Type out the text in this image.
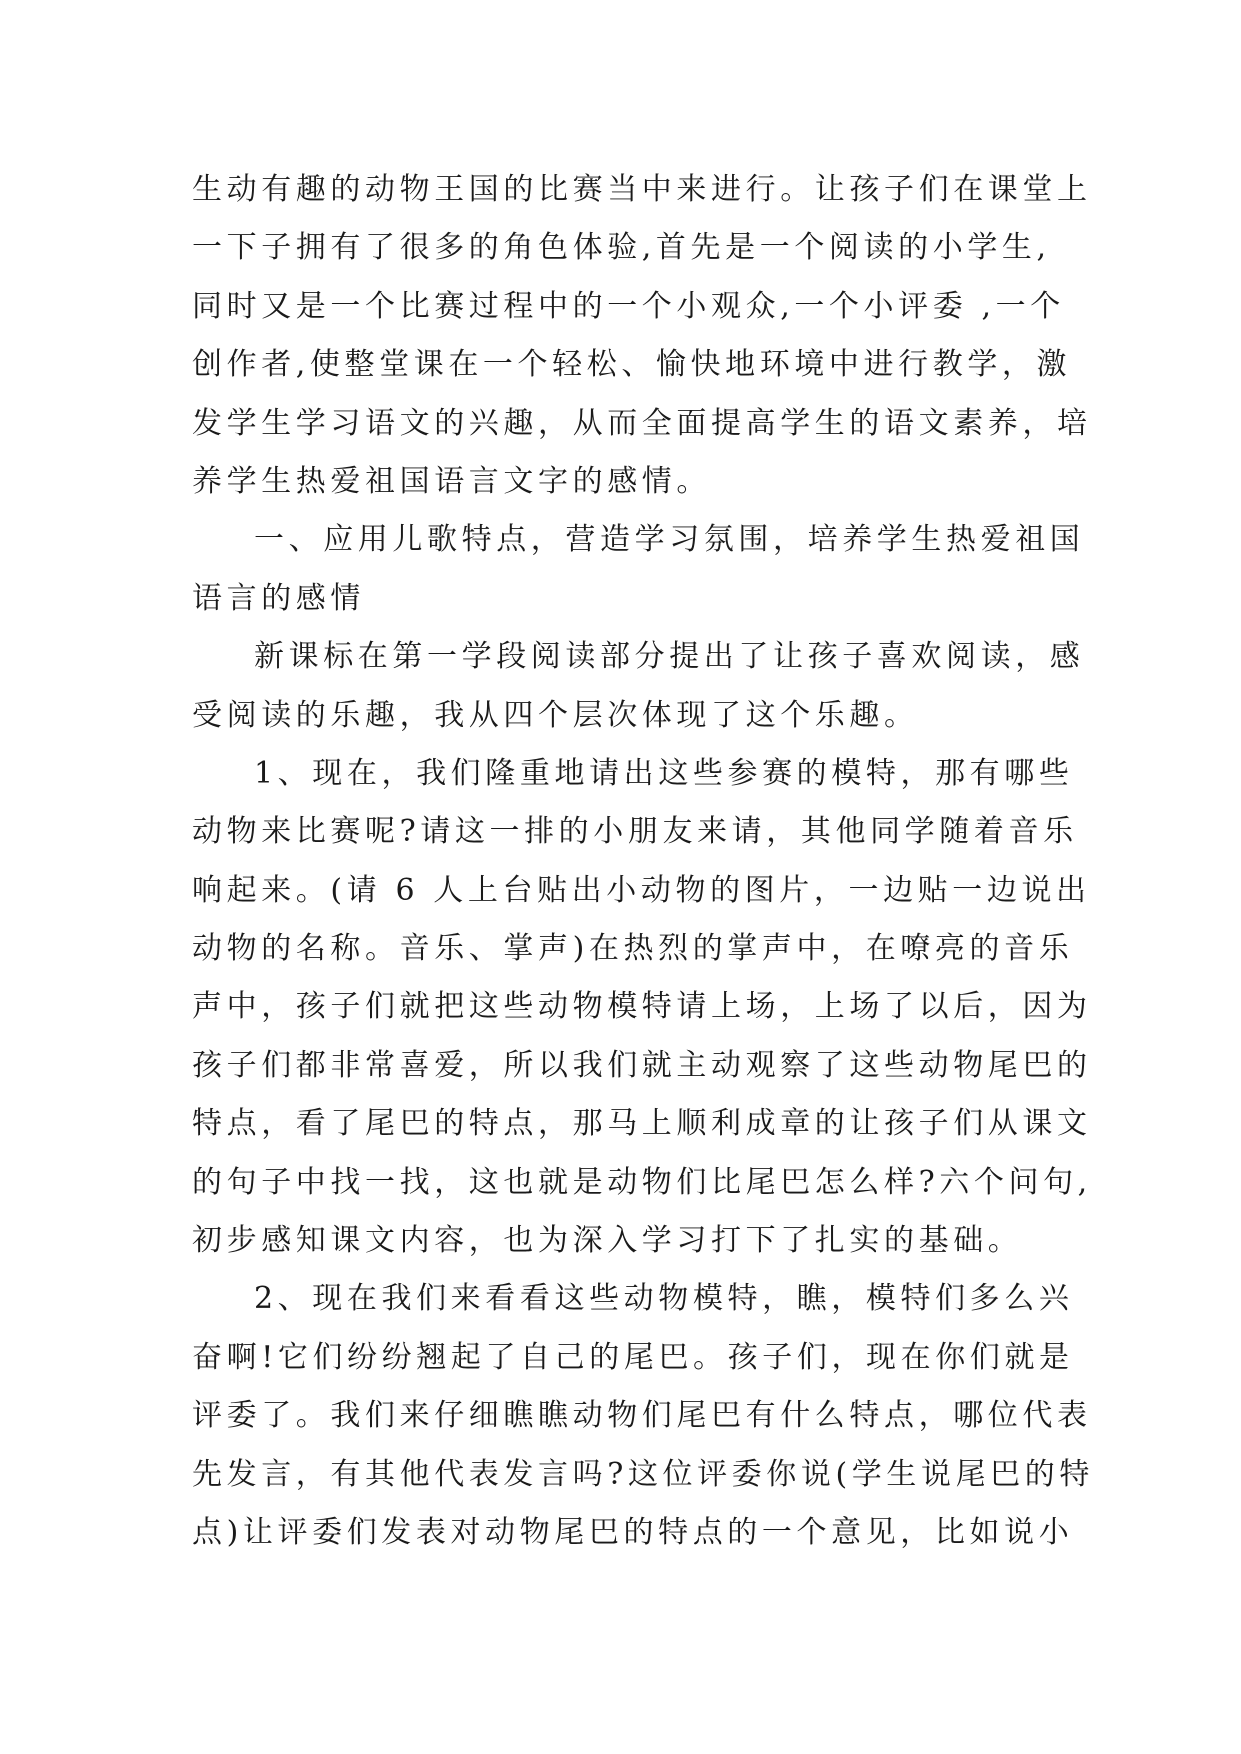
生动有趣的动物王国的比赛当中来进行。让孩子们在课堂上
一下子拥有了很多的角色体验,首先是一个阅读的小学生,
同时又是一个比赛过程中的一个小观众,一个小评委 ,一个
创作者,使整堂课在一个轻松、愉快地环境中进行教学，激
发学生学习语文的兴趣，从而全面提高学生的语文素养，培
养学生热爱祖国语言文字的感情。
一、应用儿歌特点，营造学习氛围，培养学生热爱祖国
语言的感情
新课标在第一学段阅读部分提出了让孩子喜欢阅读，感
受阅读的乐趣，我从四个层次体现了这个乐趣。
1、现在，我们隆重地请出这些参赛的模特，那有哪些
动物来比赛呢?请这一排的小朋友来请，其他同学随着音乐
响起来。(请 6 人上台贴出小动物的图片，一边贴一边说出
动物的名称。音乐、掌声)在热烈的掌声中，在嘹亮的音乐
声中，孩子们就把这些动物模特请上场，上场了以后，因为
孩子们都非常喜爱，所以我们就主动观察了这些动物尾巴的
特点，看了尾巴的特点，那马上顺利成章的让孩子们从课文
的句子中找一找，这也就是动物们比尾巴怎么样?六个问句,
初步感知课文内容，也为深入学习打下了扎实的基础。
2、现在我们来看看这些动物模特，瞧，模特们多么兴
奋啊!它们纷纷翘起了自己的尾巴。孩子们，现在你们就是
评委了。我们来仔细瞧瞧动物们尾巴有什么特点，哪位代表
先发言，有其他代表发言吗?这位评委你说(学生说尾巴的特
点)让评委们发表对动物尾巴的特点的一个意见，比如说小
